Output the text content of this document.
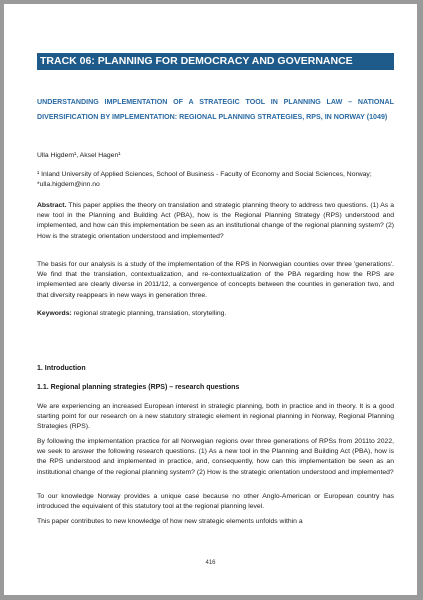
TRACK 06: PLANNING FOR DEMOCRACY AND GOVERNANCE
UNDERSTANDING IMPLEMENTATION OF A STRATEGIC TOOL IN PLANNING LAW – NATIONAL DIVERSIFICATION BY IMPLEMENTATION: REGIONAL PLANNING STRATEGIES, RPS, IN NORWAY (1049)
Ulla Higdem¹, Aksel Hagen¹
¹ Inland University of Applied Sciences, School of Business - Faculty of Economy and Social Sciences, Norway; *ulla.higdem@inn.no
Abstract. This paper applies the theory on translation and strategic planning theory to address two questions. (1) As a new tool in the Planning and Building Act (PBA), how is the Regional Planning Strategy (RPS) understood and implemented, and how can this implementation be seen as an institutional change of the regional planning system? (2) How is the strategic orientation understood and implemented?
The basis for our analysis is a study of the implementation of the RPS in Norwegian counties over three 'generations'. We find that the translation, contextualization, and re-contextualization of the PBA regarding how the RPS are implemented are clearly diverse in 2011/12, a convergence of concepts between the counties in generation two, and that diversity reappears in new ways in generation three.
Keywords: regional strategic planning, translation, storytelling.
1. Introduction
1.1. Regional planning strategies (RPS) – research questions
We are experiencing an increased European interest in strategic planning, both in practice and in theory. It is a good starting point for our research on a new statutory strategic element in regional planning in Norway, Regional Planning Strategies (RPS).
By following the implementation practice for all Norwegian regions over three generations of RPSs from 2011to 2022, we seek to answer the following research questions. (1) As a new tool in the Planning and Building Act (PBA), how is the RPS understood and implemented in practice, and, consequently, how can this implementation be seen as an institutional change of the regional planning system? (2) How is the strategic orientation understood and implemented?
To our knowledge Norway provides a unique case because no other Anglo-American or European country has introduced the equivalent of this statutory tool at the regional planning level.
This paper contributes to new knowledge of how new strategic elements unfolds within a
416
